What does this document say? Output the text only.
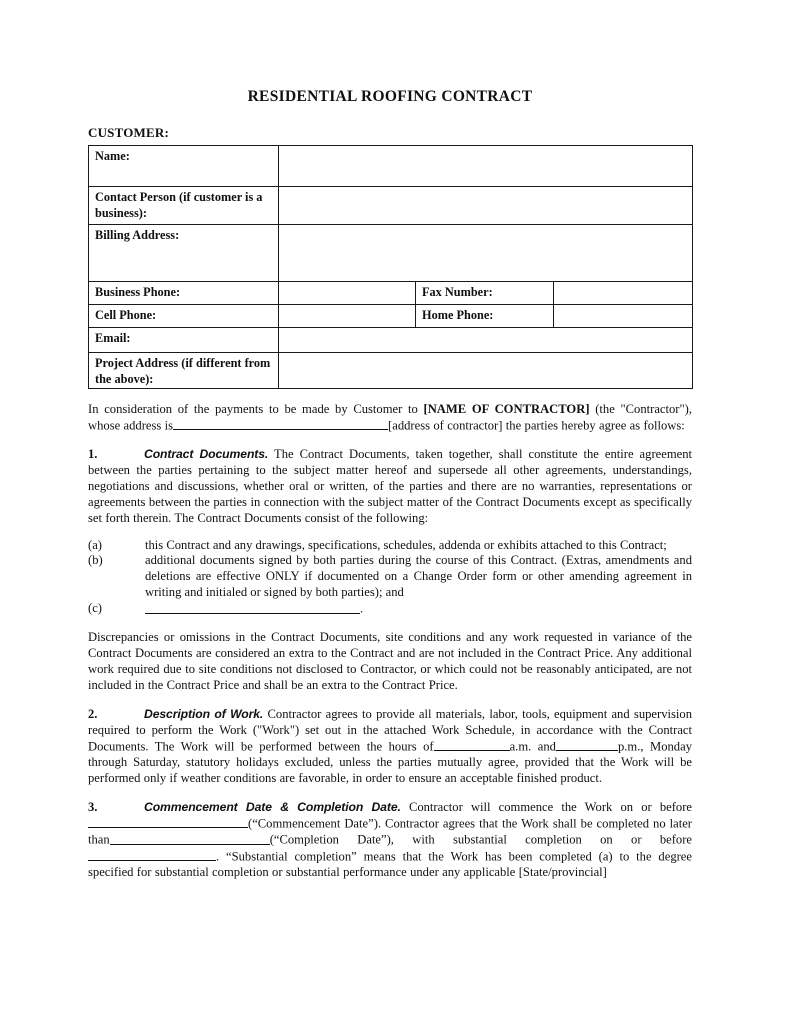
RESIDENTIAL ROOFING CONTRACT
CUSTOMER:
Name:			
Contact Person (if customer is a business):			
Billing Address:			
Business Phone:		Fax Number:	
Cell Phone:		Home Phone:	
Email:			
Project Address (if different from the above):			

In consideration of the payments to be made by Customer to [NAME OF CONTRACTOR] (the "Contractor"), whose address is	[address of contractor] the parties hereby agree as follows:

1.	Contract Documents. The Contract Documents, taken together, shall constitute the entire agreement between the parties pertaining to the subject matter hereof and supersede all other agreements, understandings, negotiations and discussions, whether oral or written, of the parties and there are no warranties, representations or agreements between the parties in connection with the subject matter of the Contract Documents except as specifically set forth therein. The Contract Documents consist of the following:

(a)	this Contract and any drawings, specifications, schedules, addenda or exhibits attached to this Contract;
(b)	additional documents signed by both parties during the course of this Contract. (Extras, amendments and deletions are effective ONLY if documented on a Change Order form or other amending agreement in writing and initialed or signed by both parties); and
(c)	.

Discrepancies or omissions in the Contract Documents, site conditions and any work requested in variance of the Contract Documents are considered an extra to the Contract and are not included in the Contract Price. Any additional work required due to site conditions not disclosed to Contractor, or which could not be reasonably anticipated, are not included in the Contract Price and shall be an extra to the Contract Price.

2.	Description of Work. Contractor agrees to provide all materials, labor, tools, equipment and supervision required to perform the Work ("Work") set out in the attached Work Schedule, in accordance with the Contract Documents. The Work will be performed between the hours of	a.m. and	p.m., Monday through Saturday, statutory holidays excluded, unless the parties mutually agree, provided that the Work will be performed only if weather conditions are favorable, in order to ensure an acceptable finished product.

3.	Commencement Date & Completion Date. Contractor will commence the Work on or before(“Commencement Date”). Contractor agrees that the Work shall be completed no later than	(“Completion Date”), with substantial completion on or before. “Substantial completion” means that the Work has been completed (a) to the degree specified for substantial completion or substantial performance under any applicable [State/provincial]
